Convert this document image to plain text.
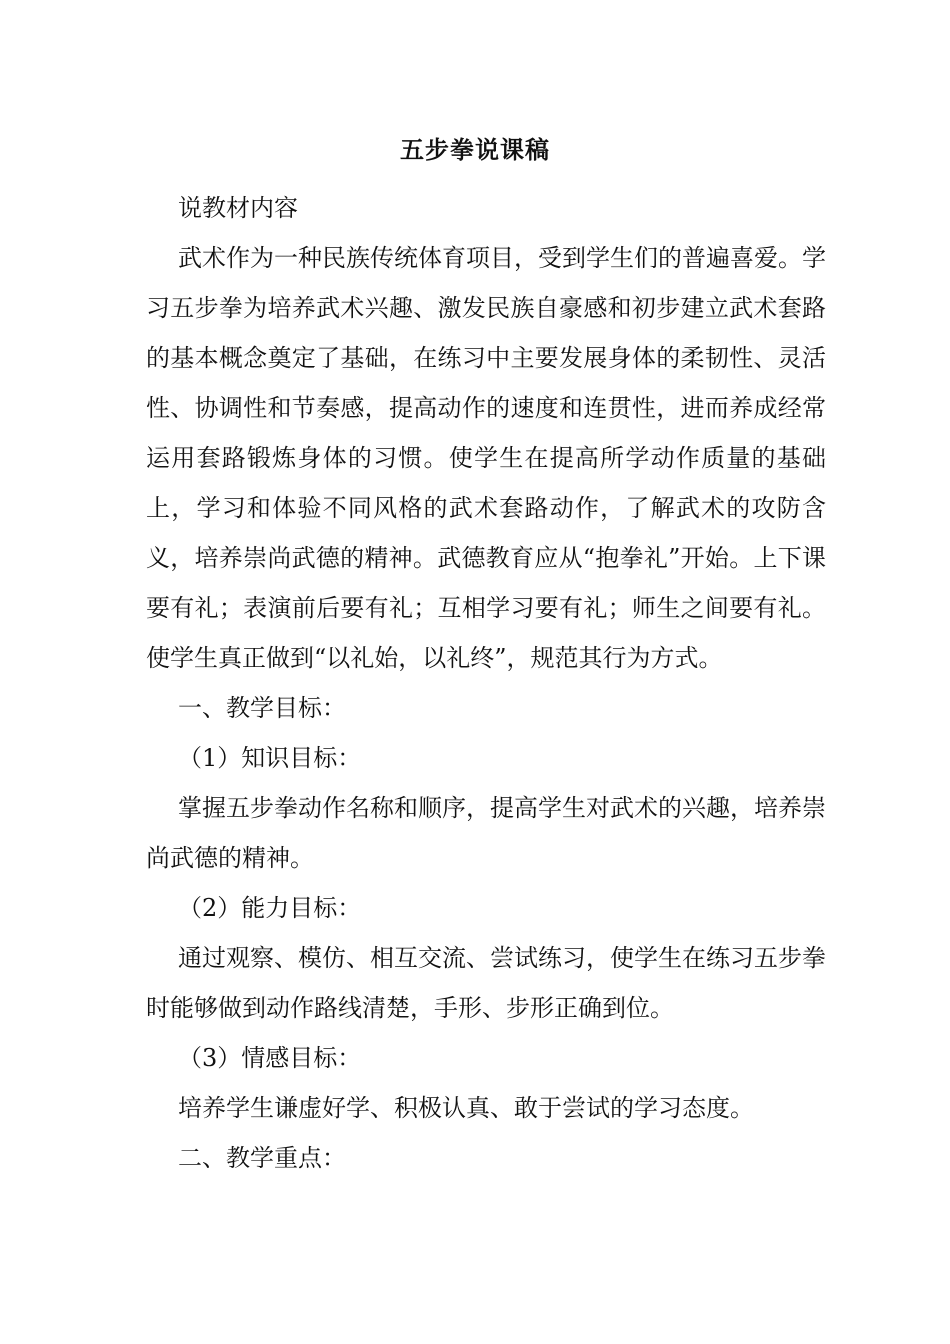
五步拳说课稿

说教材内容

武术作为一种民族传统体育项目，受到学生们的普遍喜爱。学习五步拳为培养武术兴趣、激发民族自豪感和初步建立武术套路的基本概念奠定了基础，在练习中主要发展身体的柔韧性、灵活性、协调性和节奏感，提高动作的速度和连贯性，进而养成经常运用套路锻炼身体的习惯。使学生在提高所学动作质量的基础上，学习和体验不同风格的武术套路动作，了解武术的攻防含义，培养崇尚武德的精神。武德教育应从“抱拳礼”开始。上下课要有礼；表演前后要有礼；互相学习要有礼；师生之间要有礼。使学生真正做到“以礼始，以礼终”，规范其行为方式。

一、教学目标：

（1）知识目标：

掌握五步拳动作名称和顺序，提高学生对武术的兴趣，培养崇尚武德的精神。

（2）能力目标：

通过观察、模仿、相互交流、尝试练习，使学生在练习五步拳时能够做到动作路线清楚，手形、步形正确到位。

（3）情感目标：

培养学生谦虚好学、积极认真、敢于尝试的学习态度。

二、教学重点：
